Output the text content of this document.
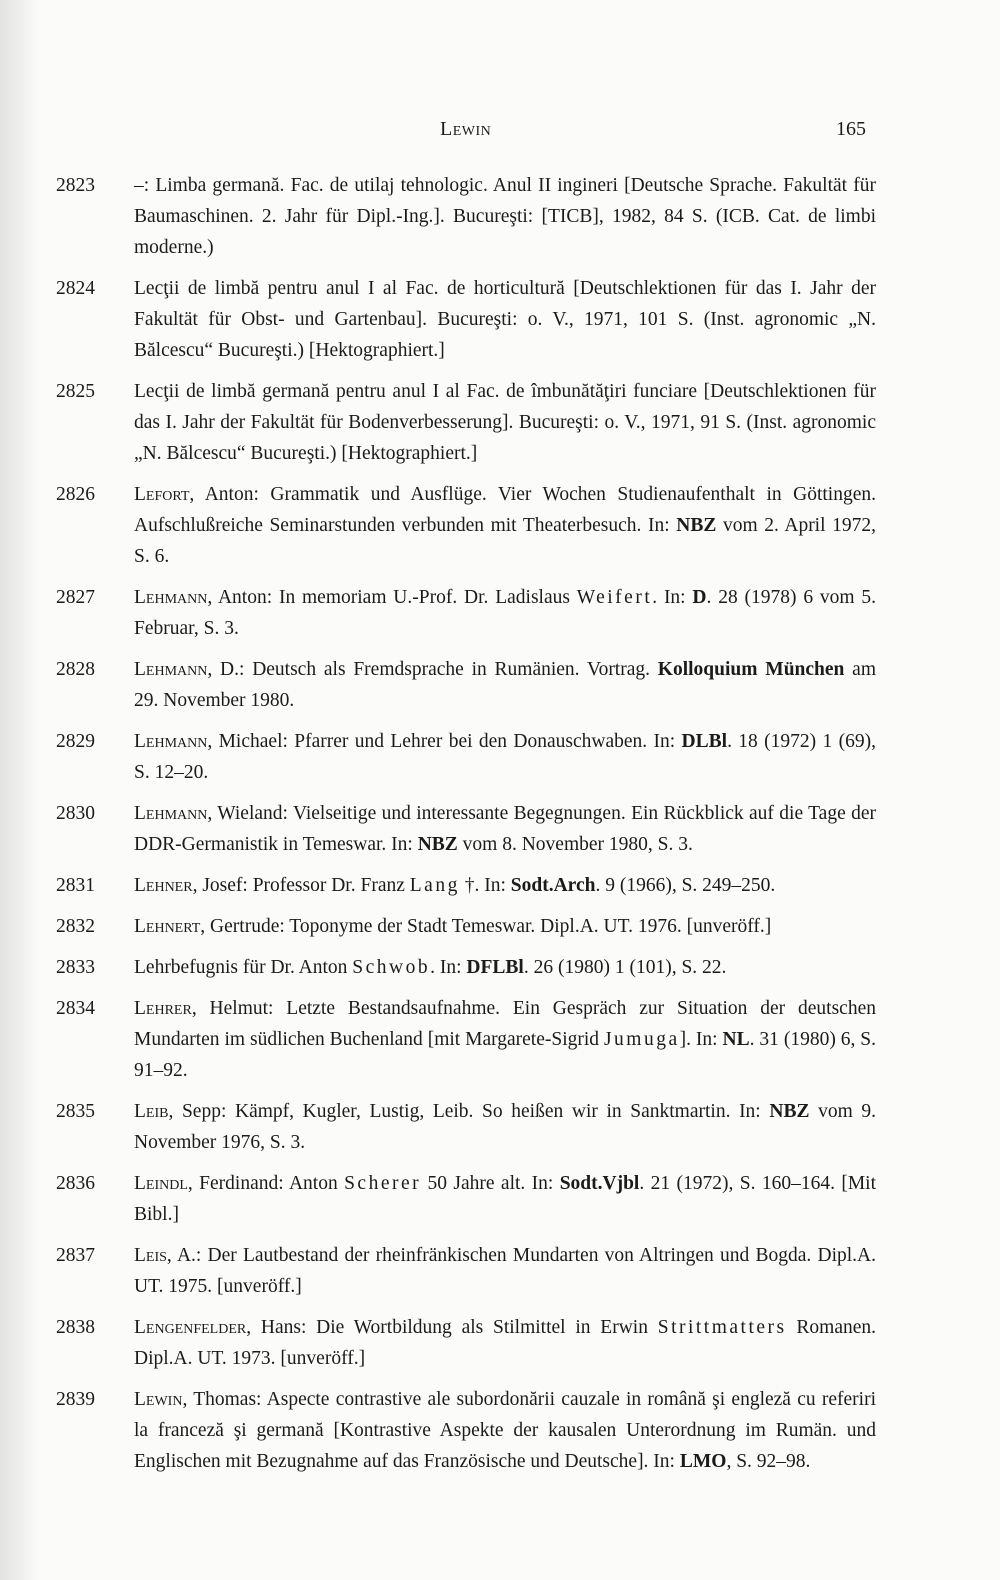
Lewin	165
2823	–: Limba germană. Fac. de utilaj tehnologic. Anul II ingineri [Deutsche Sprache. Fakultät für Baumaschinen. 2. Jahr für Dipl.-Ing.]. Bucureşti: [TICB], 1982, 84 S. (ICB. Cat. de limbi moderne.)
2824	Lecţii de limbă pentru anul I al Fac. de horticultură [Deutschlektionen für das I. Jahr der Fakultät für Obst- und Gartenbau]. Bucureşti: o. V., 1971, 101 S. (Inst. agronomic „N. Bălcescu“ Bucureşti.) [Hektographiert.]
2825	Lecţii de limbă germană pentru anul I al Fac. de îmbunătăţiri funciare [Deutschlektionen für das I. Jahr der Fakultät für Bodenverbesserung]. Bucureşti: o. V., 1971, 91 S. (Inst. agronomic „N. Bălcescu“ Bucureşti.) [Hektographiert.]
2826	Lefort, Anton: Grammatik und Ausflüge. Vier Wochen Studienaufenthalt in Göttingen. Aufschlußreiche Seminarstunden verbunden mit Theaterbesuch. In: NBZ vom 2. April 1972, S. 6.
2827	Lehmann, Anton: In memoriam U.-Prof. Dr. Ladislaus Weifert. In: D. 28 (1978) 6 vom 5. Februar, S. 3.
2828	Lehmann, D.: Deutsch als Fremdsprache in Rumänien. Vortrag. Kolloquium München am 29. November 1980.
2829	Lehmann, Michael: Pfarrer und Lehrer bei den Donauschwaben. In: DLBl. 18 (1972) 1 (69), S. 12–20.
2830	Lehmann, Wieland: Vielseitige und interessante Begegnungen. Ein Rückblick auf die Tage der DDR-Germanistik in Temeswar. In: NBZ vom 8. November 1980, S. 3.
2831	Lehner, Josef: Professor Dr. Franz Lang †. In: Sodt.Arch. 9 (1966), S. 249–250.
2832	Lehnert, Gertrude: Toponyme der Stadt Temeswar. Dipl.A. UT. 1976. [unveröff.]
2833	Lehrbefugnis für Dr. Anton Schwob. In: DFLBl. 26 (1980) 1 (101), S. 22.
2834	Lehrer, Helmut: Letzte Bestandsaufnahme. Ein Gespräch zur Situation der deutschen Mundarten im südlichen Buchenland [mit Margarete-Sigrid Jumuga]. In: NL. 31 (1980) 6, S. 91–92.
2835	Leib, Sepp: Kämpf, Kugler, Lustig, Leib. So heißen wir in Sanktmartin. In: NBZ vom 9. November 1976, S. 3.
2836	Leindl, Ferdinand: Anton Scherer 50 Jahre alt. In: Sodt.Vjbl. 21 (1972), S. 160–164. [Mit Bibl.]
2837	Leis, A.: Der Lautbestand der rheinfränkischen Mundarten von Altringen und Bogda. Dipl.A. UT. 1975. [unveröff.]
2838	Lengenfelder, Hans: Die Wortbildung als Stilmittel in Erwin Strittmatters Romanen. Dipl.A. UT. 1973. [unveröff.]
2839	Lewin, Thomas: Aspecte contrastive ale subordonării cauzale in română şi engleză cu referiri la franceză şi germană [Kontrastive Aspekte der kausalen Unterordnung im Rumän. und Englischen mit Bezugnahme auf das Französische und Deutsche]. In: LMO, S. 92–98.
